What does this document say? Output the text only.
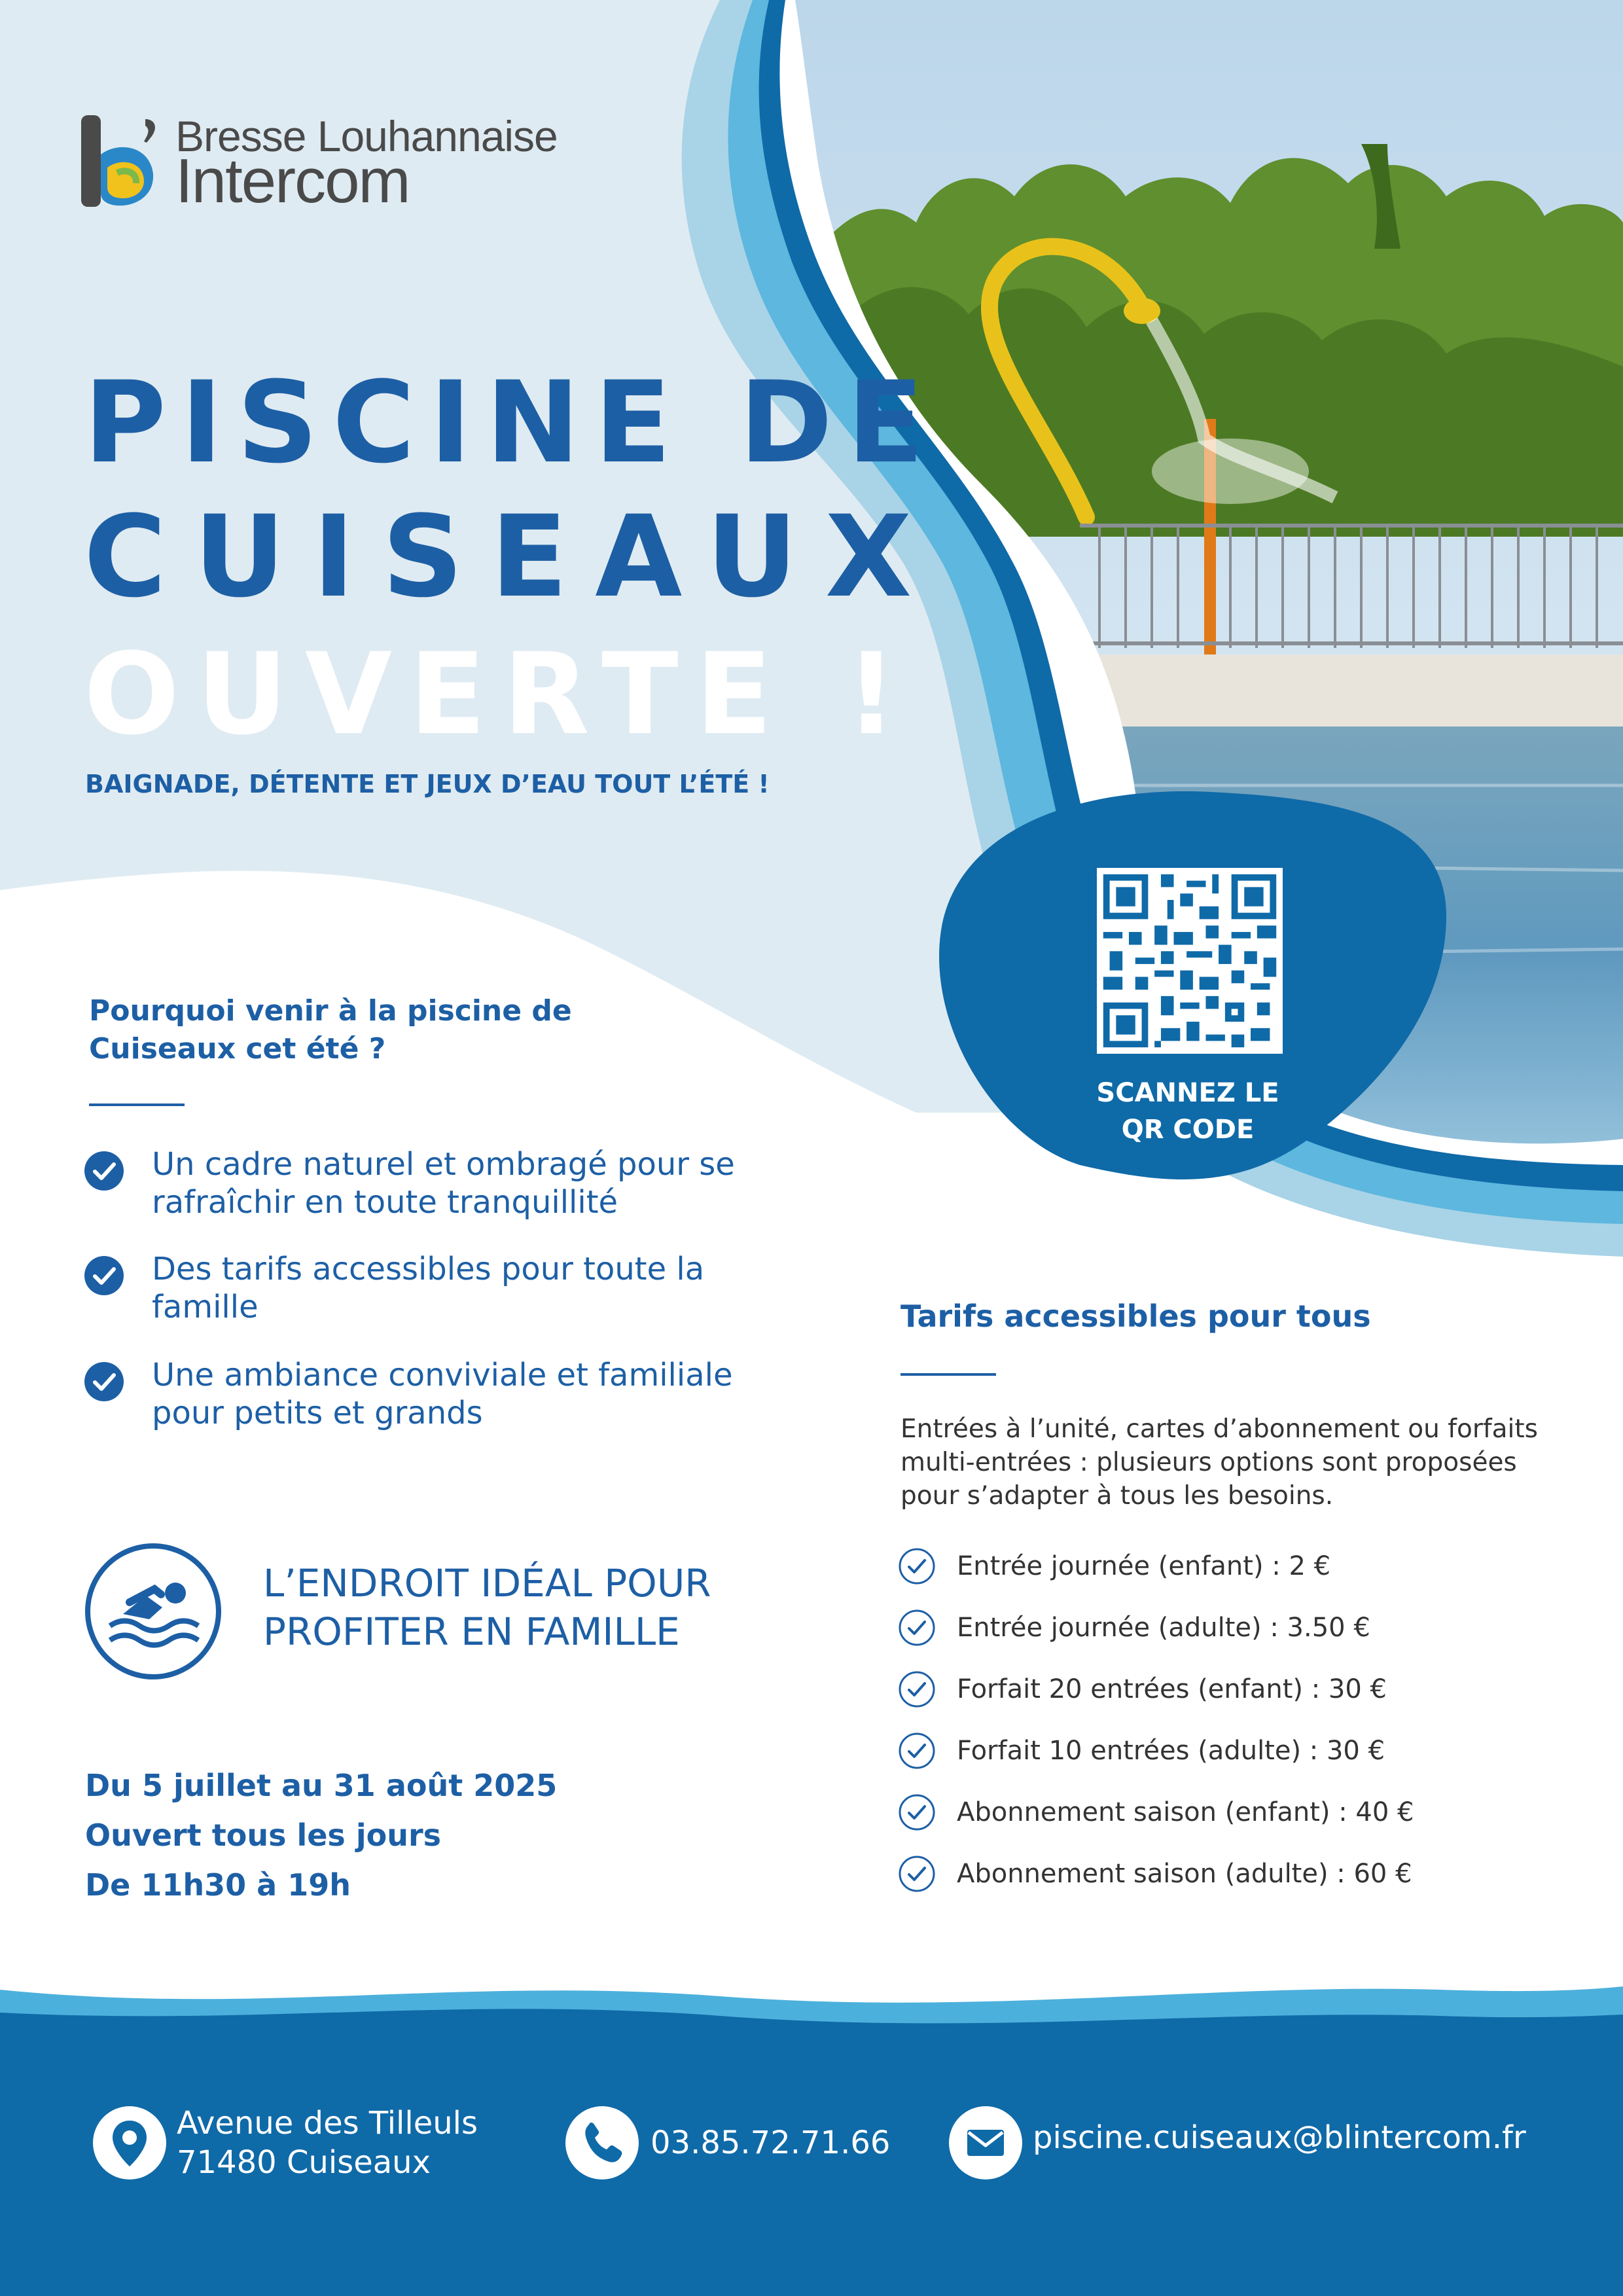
Bresse Louhannaise
Intercom
PISCINE DE
CUISEAUX
OUVERTE !
BAIGNADE, DÉTENTE ET JEUX D’EAU TOUT L’ÉTÉ !
SCANNEZ LE
QR CODE
Pourquoi venir à la piscine de Cuiseaux cet été ?
Un cadre naturel et ombragé pour se rafraîchir en toute tranquillité
Des tarifs accessibles pour toute la famille
Une ambiance conviviale et familiale pour petits et grands
L’ENDROIT IDÉAL POUR
PROFITER EN FAMILLE
Du 5 juillet au 31 août 2025
Ouvert tous les jours
De 11h30 à 19h
Tarifs accessibles pour tous
Entrées à l’unité, cartes d’abonnement ou forfaits multi-entrées : plusieurs options sont proposées pour s’adapter à tous les besoins.
Entrée journée (enfant) : 2 €
Entrée journée (adulte) : 3.50 €
Forfait 20 entrées (enfant) : 30 €
Forfait 10 entrées (adulte) : 30 €
Abonnement saison (enfant) : 40 €
Abonnement saison (adulte) : 60 €
Avenue des Tilleuls
71480 Cuiseaux
03.85.72.71.66	piscine.cuiseaux@blintercom.fr
